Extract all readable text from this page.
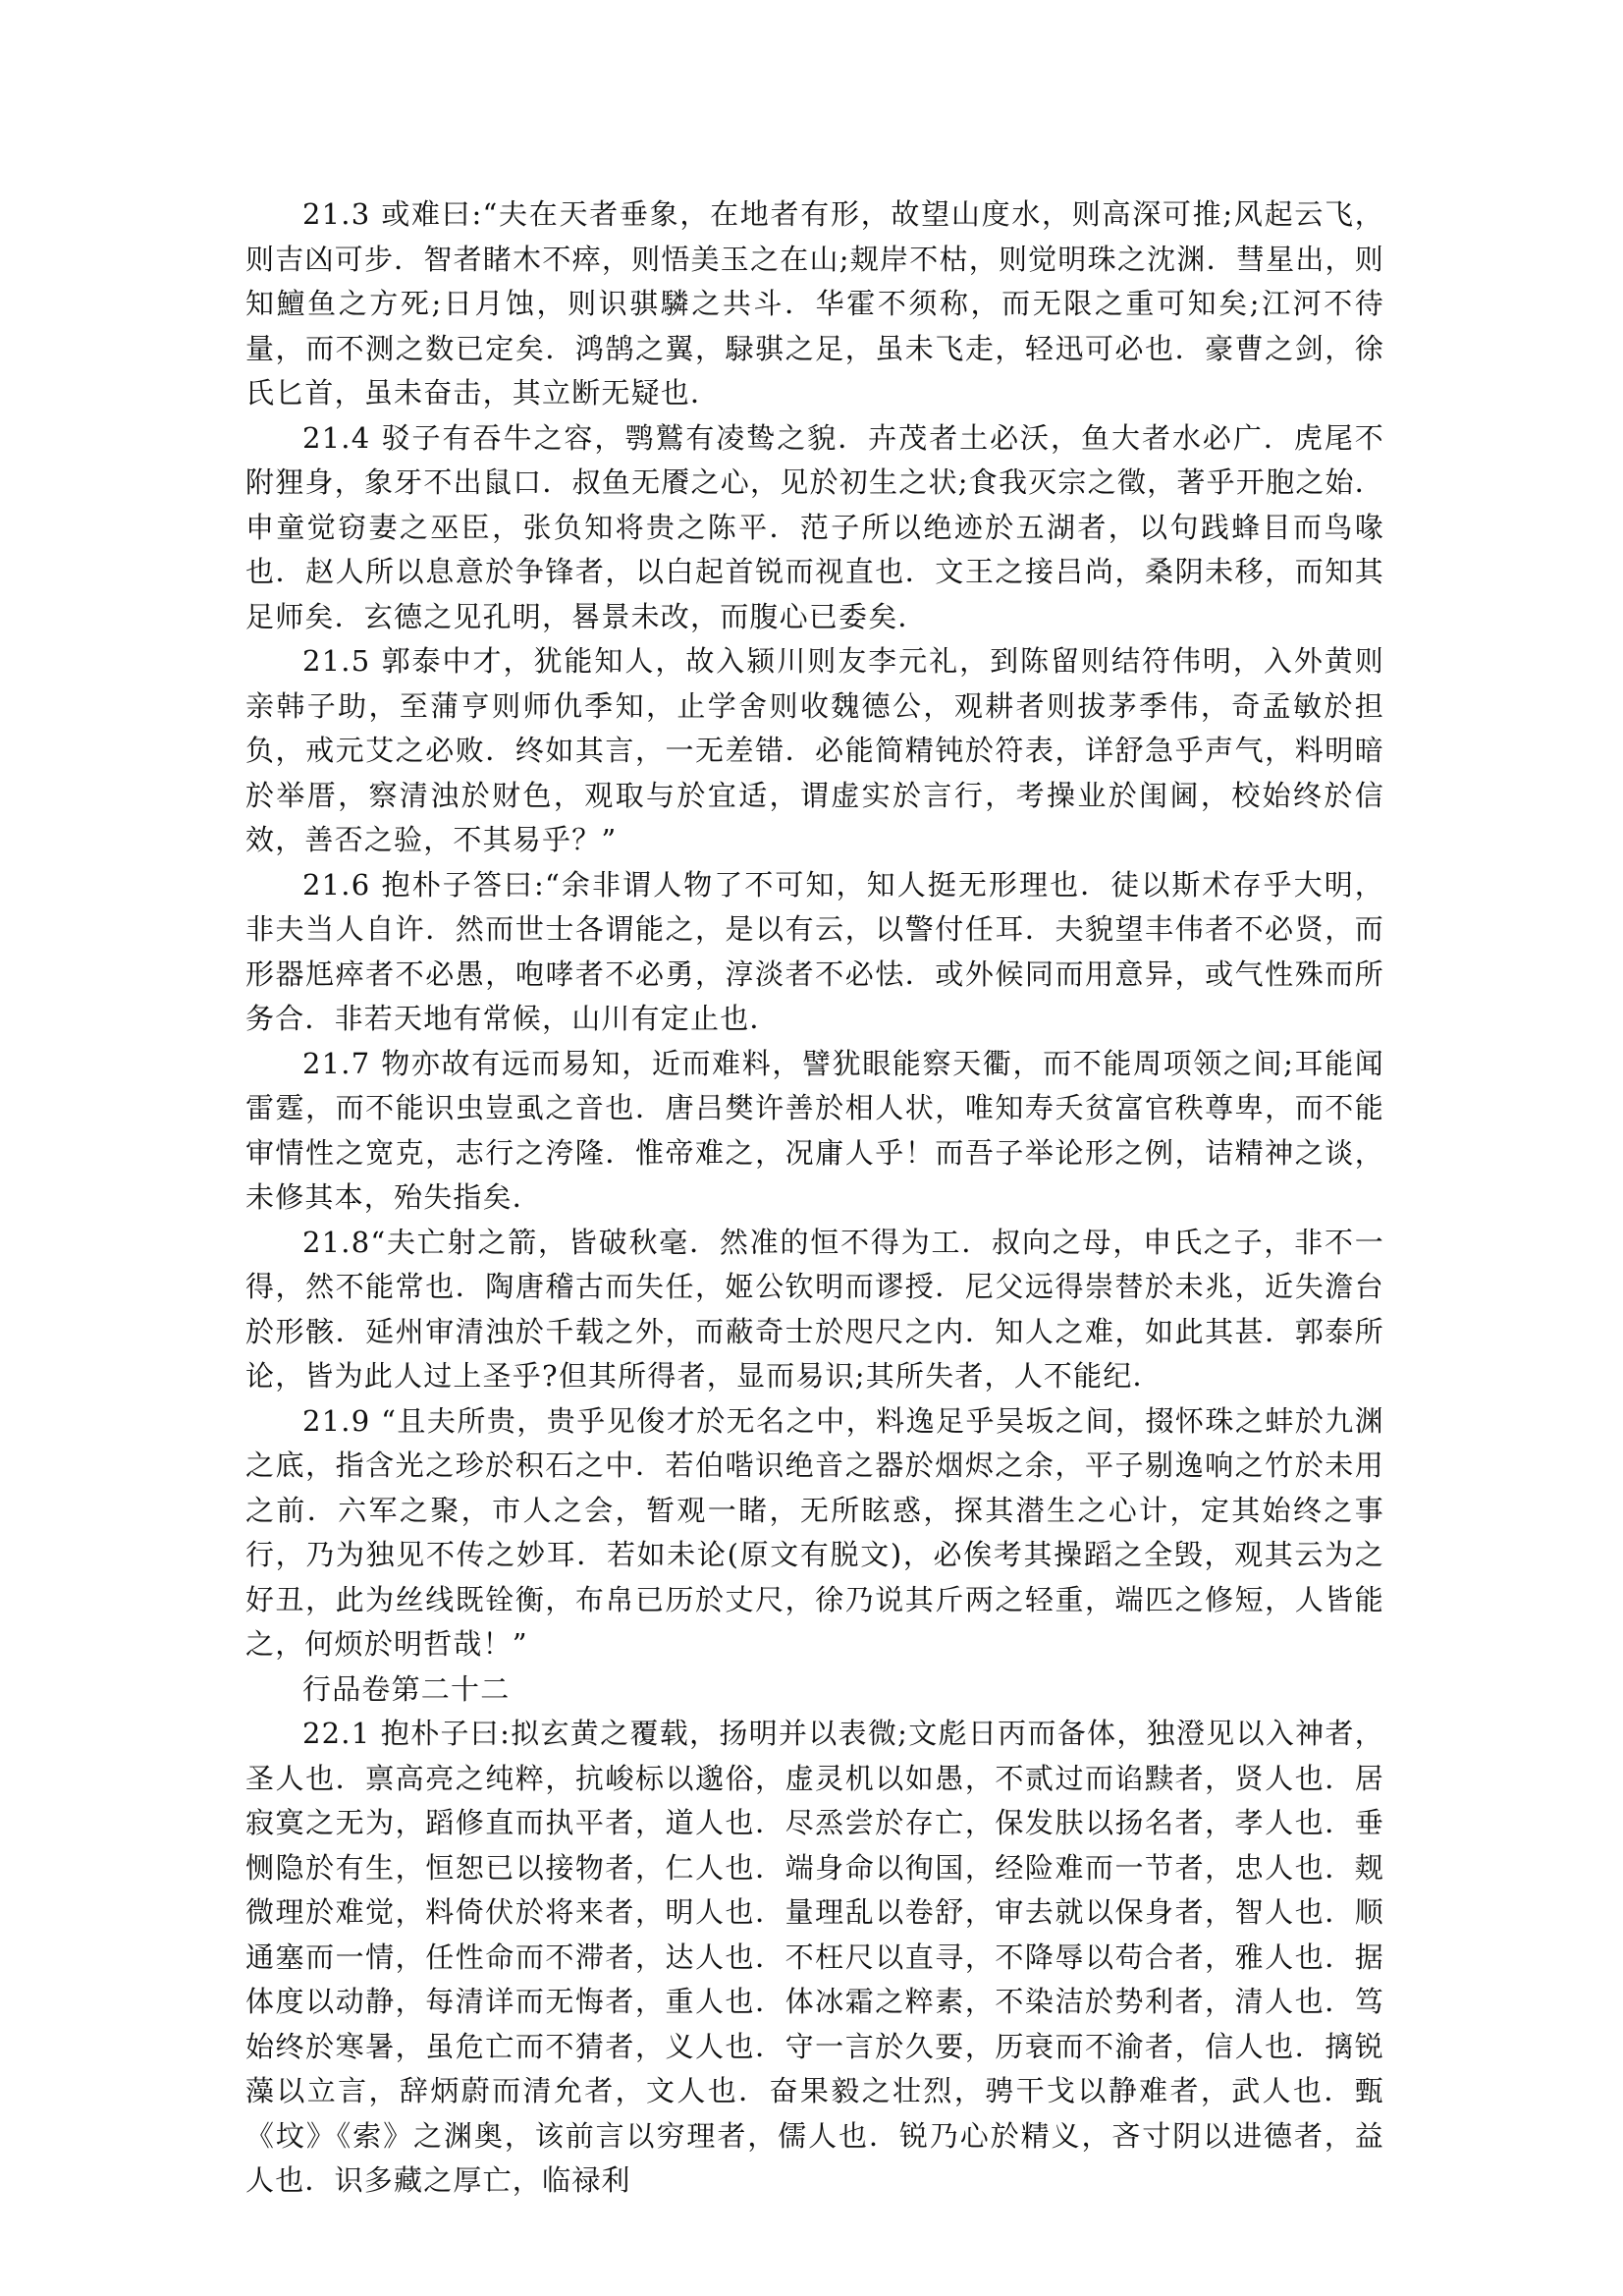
21.3 或难曰:“夫在天者垂象，在地者有形，故望山度水，则高深可推;风起云飞，则吉凶可步．智者睹木不瘁，则悟美玉之在山;觌岸不枯，则觉明珠之沈渊．彗星出，则知鱣鱼之方死;日月蚀，则识骐驎之共斗．华霍不须称，而无限之重可知矣;江河不待量，而不测之数已定矣．鸿鹄之翼，騄骐之足，虽未飞走，轻迅可必也．豪曹之剑，徐氏匕首，虽未奋击，其立断无疑也．

21.4 驳子有吞牛之容，鹗鷲有凌鸷之貌．卉茂者土必沃，鱼大者水必广．虎尾不附狸身，象牙不出鼠口．叔鱼无餍之心，见於初生之状;食我灭宗之徵，著乎开胞之始．申童觉窃妻之巫臣，张负知将贵之陈平．范子所以绝迹於五湖者，以句践蜂目而鸟喙也．赵人所以息意於争锋者，以白起首锐而视直也．文王之接吕尚，桑阴未移，而知其足师矣．玄德之见孔明，晷景未改，而腹心已委矣．

21.5 郭泰中才，犹能知人，故入颍川则友李元礼，到陈留则结符伟明，入外黄则亲韩子助，至蒲亨则师仇季知，止学舍则收魏德公，观耕者则拔茅季伟，奇孟敏於担负，戒元艾之必败．终如其言，一无差错．必能简精钝於符表，详舒急乎声气，料明暗於举厝，察清浊於财色，观取与於宜适，谓虚实於言行，考操业於闺阃，校始终於信效，善否之验，不其易乎？”

21.6 抱朴子答曰:“余非谓人物了不可知，知人挺无形理也．徒以斯术存乎大明，非夫当人自许．然而世士各谓能之，是以有云，以警付任耳．夫貌望丰伟者不必贤，而形器尪瘁者不必愚，咆哮者不必勇，淳淡者不必怯．或外候同而用意异，或气性殊而所务合．非若天地有常候，山川有定止也．

21.7 物亦故有远而易知，近而难料，譬犹眼能察天衢，而不能周项领之间;耳能闻雷霆，而不能识虫豈虱之音也．唐吕樊许善於相人状，唯知寿夭贫富官秩尊卑，而不能审情性之宽克，志行之洿隆．惟帝难之，况庸人乎！而吾子举论形之例，诘精神之谈，未修其本，殆失指矣．

21.8“夫亡射之箭，皆破秋毫．然准的恒不得为工．叔向之母，申氏之子，非不一得，然不能常也．陶唐稽古而失任，姬公钦明而谬授．尼父远得崇替於未兆，近失澹台於形骸．延州审清浊於千载之外，而蔽奇士於咫尺之内．知人之难，如此其甚．郭泰所论，皆为此人过上圣乎?但其所得者，显而易识;其所失者，人不能纪．

21.9 “且夫所贵，贵乎见俊才於无名之中，料逸足乎吴坂之间，掇怀珠之蚌於九渊之底，指含光之珍於积石之中．若伯喈识绝音之器於烟烬之余，平子剔逸响之竹於未用之前．六军之聚，市人之会，暂观一睹，无所眩惑，探其潜生之心计，定其始终之事行，乃为独见不传之妙耳．若如未论(原文有脱文)，必俟考其操蹈之全毁，观其云为之好丑，此为丝线既铨衡，布帛已历於丈尺，徐乃说其斤两之轻重，端匹之修短，人皆能之，何烦於明哲哉！”

行品卷第二十二

22.1 抱朴子曰:拟玄黄之覆载，扬明并以表微;文彪日丙而备体，独澄见以入神者，圣人也．禀高亮之纯粹，抗峻标以邈俗，虚灵机以如愚，不贰过而谄黩者，贤人也．居寂寞之无为，蹈修直而执平者，道人也．尽烝尝於存亡，保发肤以扬名者，孝人也．垂恻隐於有生，恒恕已以接物者，仁人也．端身命以徇国，经险难而一节者，忠人也．觌微理於难觉，料倚伏於将来者，明人也．量理乱以卷舒，审去就以保身者，智人也．顺通塞而一情，任性命而不滞者，达人也．不枉尺以直寻，不降辱以苟合者，雅人也．据体度以动静，每清详而无悔者，重人也．体冰霜之粹素，不染洁於势利者，清人也．笃始终於寒暑，虽危亡而不猜者，义人也．守一言於久要，历衰而不渝者，信人也．摛锐藻以立言，辞炳蔚而清允者，文人也．奋果毅之壮烈，骋干戈以静难者，武人也．甄《坟》《索》之渊奥，该前言以穷理者，儒人也．锐乃心於精义，吝寸阴以进德者，益人也．识多藏之厚亡，临禄利
